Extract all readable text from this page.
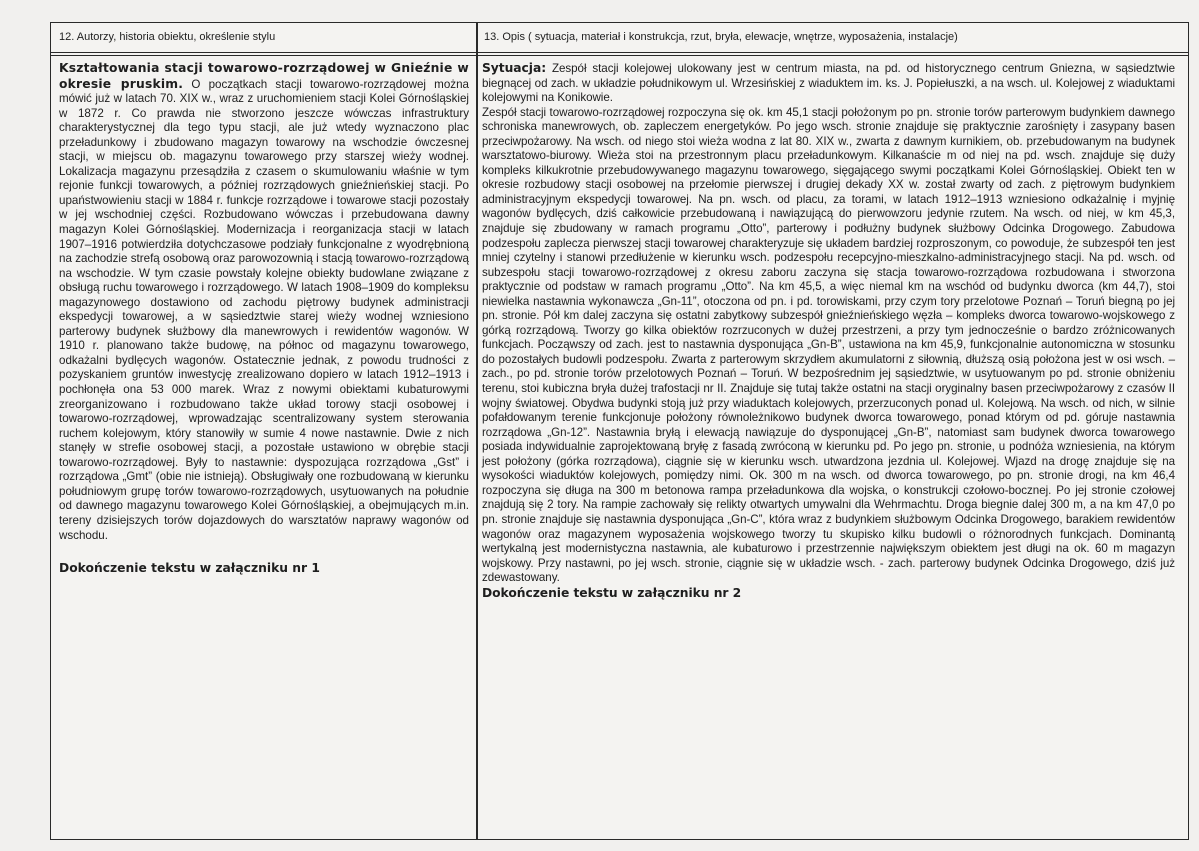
12. Autorzy, historia obiektu, określenie stylu	13. Opis ( sytuacja, materiał i konstrukcja, rzut, bryła, elewacje, wnętrze, wyposażenia, instalacje)

Kształtowania stacji towarowo-rozrządowej w Gnieźnie w okresie pruskim. O początkach stacji towarowo-rozrządowej można mówić już w latach 70. XIX w., wraz z uruchomieniem stacji Kolei Górnośląskiej w 1872 r. Co prawda nie stworzono jeszcze wówczas infrastruktury charakterystycznej dla tego typu stacji, ale już wtedy wyznaczono plac przeładunkowy i zbudowano magazyn towarowy na wschodzie ówczesnej stacji, w miejscu ob. magazynu towarowego przy starszej wieży wodnej. Lokalizacja magazynu przesądziła z czasem o skumulowaniu właśnie w tym rejonie funkcji towarowych, a później rozrządowych gnieźnieńskiej stacji. Po upaństwowieniu stacji w 1884 r. funkcje rozrządowe i towarowe stacji pozostały w jej wschodniej części. Rozbudowano wówczas i przebudowana dawny magazyn Kolei Górnośląskiej. Modernizacja i reorganizacja stacji w latach 1907–1916 potwierdziła dotychczasowe podziały funkcjonalne z wyodrębnioną na zachodzie strefą osobową oraz parowozownią i stacją towarowo-rozrządową na wschodzie. W tym czasie powstały kolejne obiekty budowlane związane z obsługą ruchu towarowego i rozrządowego. W latach 1908–1909 do kompleksu magazynowego dostawiono od zachodu piętrowy budynek administracji ekspedycji towarowej, a w sąsiedztwie starej wieży wodnej wzniesiono parterowy budynek służbowy dla manewrowych i rewidentów wagonów. W 1910 r. planowano także budowę, na północ od magazynu towarowego, odkażalni bydlęcych wagonów. Ostatecznie jednak, z powodu trudności z pozyskaniem gruntów inwestycję zrealizowano dopiero w latach 1912–1913 i pochłonęła ona 53 000 marek. Wraz z nowymi obiektami kubaturowymi zreorganizowano i rozbudowano także układ torowy stacji osobowej i towarowo-rozrządowej, wprowadzając scentralizowany system sterowania ruchem kolejowym, który stanowiły w sumie 4 nowe nastawnie. Dwie z nich stanęły w strefie osobowej stacji, a pozostałe ustawiono w obrębie stacji towarowo-rozrządowej. Były to nastawnie: dyspozująca rozrządowa „Gst” i rozrządowa „Gmt” (obie nie istnieją). Obsługiwały one rozbudowaną w kierunku południowym grupę torów towarowo-rozrządowych, usytuowanych na południe od dawnego magazynu towarowego Kolei Górnośląskiej, a obejmujących m.in. tereny dzisiejszych torów dojazdowych do warsztatów naprawy wagonów od wschodu.

Dokończenie tekstu w załączniku nr 1

Sytuacja: Zespół stacji kolejowej ulokowany jest w centrum miasta, na pd. od historycznego centrum Gniezna, w sąsiedztwie biegnącej od zach. w układzie południkowym ul. Wrzesińskiej z wiaduktem im. ks. J. Popiełuszki, a na wsch. ul. Kolejowej z wiaduktami kolejowymi na Konikowie.

Zespół stacji towarowo-rozrządowej rozpoczyna się ok. km 45,1 stacji położonym po pn. stronie torów parterowym budynkiem dawnego schroniska manewrowych, ob. zapleczem energetyków. Po jego wsch. stronie znajduje się praktycznie zarośnięty i zasypany basen przeciwpożarowy. Na wsch. od niego stoi wieża wodna z lat 80. XIX w., zwarta z dawnym kurnikiem, ob. przebudowanym na budynek warsztatowo-biurowy. Wieża stoi na przestronnym placu przeładunkowym. Kilkanaście m od niej na pd. wsch. znajduje się duży kompleks kilkukrotnie przebudowywanego magazynu towarowego, sięgającego swymi początkami Kolei Górnośląskiej. Obiekt ten w okresie rozbudowy stacji osobowej na przełomie pierwszej i drugiej dekady XX w. został zwarty od zach. z piętrowym budynkiem administracyjnym ekspedycji towarowej. Na pn. wsch. od placu, za torami, w latach 1912–1913 wzniesiono odkażalnię i myjnię wagonów bydlęcych, dziś całkowicie przebudowaną i nawiązującą do pierwowzoru jedynie rzutem. Na wsch. od niej, w km 45,3, znajduje się zbudowany w ramach programu „Otto”, parterowy i podłużny budynek służbowy Odcinka Drogowego. Zabudowa podzespołu zaplecza pierwszej stacji towarowej charakteryzuje się układem bardziej rozproszonym, co powoduje, że subzespół ten jest mniej czytelny i stanowi przedłużenie w kierunku wsch. podzespołu recepcyjno-mieszkalno-administracyjnego stacji. Na pd. wsch. od subzespołu stacji towarowo-rozrządowej z okresu zaboru zaczyna się stacja towarowo-rozrządowa rozbudowana i stworzona praktycznie od podstaw w ramach programu „Otto”. Na km 45,5, a więc niemal km na wschód od budynku dworca (km 44,7), stoi niewielka nastawnia wykonawcza „Gn-11”, otoczona od pn. i pd. torowiskami, przy czym tory przelotowe Poznań – Toruń biegną po jej pn. stronie. Pół km dalej zaczyna się ostatni zabytkowy subzespół gnieźnieńskiego węzła – kompleks dworca towarowo-wojskowego z górką rozrządową. Tworzy go kilka obiektów rozrzuconych w dużej przestrzeni, a przy tym jednocześnie o bardzo zróżnicowanych funkcjach. Począwszy od zach. jest to nastawnia dysponująca „Gn-B”, ustawiona na km 45,9, funkcjonalnie autonomiczna w stosunku do pozostałych budowli podzespołu. Zwarta z parterowym skrzydłem akumulatorni z siłownią, dłuższą osią położona jest w osi wsch. – zach., po pd. stronie torów przelotowych Poznań – Toruń. W bezpośrednim jej sąsiedztwie, w usytuowanym po pd. stronie obniżeniu terenu, stoi kubiczna bryła dużej trafostacji nr II. Znajduje się tutaj także ostatni na stacji oryginalny basen przeciwpożarowy z czasów II wojny światowej. Obydwa budynki stoją już przy wiaduktach kolejowych, przerzuconych ponad ul. Kolejową. Na wsch. od nich, w silnie pofałdowanym terenie funkcjonuje położony równoleżnikowo budynek dworca towarowego, ponad którym od pd. góruje nastawnia rozrządowa „Gn-12”. Nastawnia bryłą i elewacją nawiązuje do dysponującej „Gn-B”, natomiast sam budynek dworca towarowego posiada indywidualnie zaprojektowaną bryłę z fasadą zwróconą w kierunku pd. Po jego pn. stronie, u podnóża wzniesienia, na którym jest położony (górka rozrządowa), ciągnie się w kierunku wsch. utwardzona jezdnia ul. Kolejowej. Wjazd na drogę znajduje się na wysokości wiaduktów kolejowych, pomiędzy nimi. Ok. 300 m na wsch. od dworca towarowego, po pn. stronie drogi, na km 46,4 rozpoczyna się długa na 300 m betonowa rampa przeładunkowa dla wojska, o konstrukcji czołowo-bocznej. Po jej stronie czołowej znajdują się 2 tory. Na rampie zachowały się relikty otwartych umywalni dla Wehrmachtu. Droga biegnie dalej 300 m, a na km 47,0 po pn. stronie znajduje się nastawnia dysponująca „Gn-C”, która wraz z budynkiem służbowym Odcinka Drogowego, barakiem rewidentów wagonów oraz magazynem wyposażenia wojskowego tworzy tu skupisko kilku budowli o różnorodnych funkcjach. Dominantą wertykalną jest modernistyczna nastawnia, ale kubaturowo i przestrzennie największym obiektem jest długi na ok. 60 m magazyn wojskowy. Przy nastawni, po jej wsch. stronie, ciągnie się w układzie wsch. - zach. parterowy budynek Odcinka Drogowego, dziś już zdewastowany.

Dokończenie tekstu w załączniku nr 2
